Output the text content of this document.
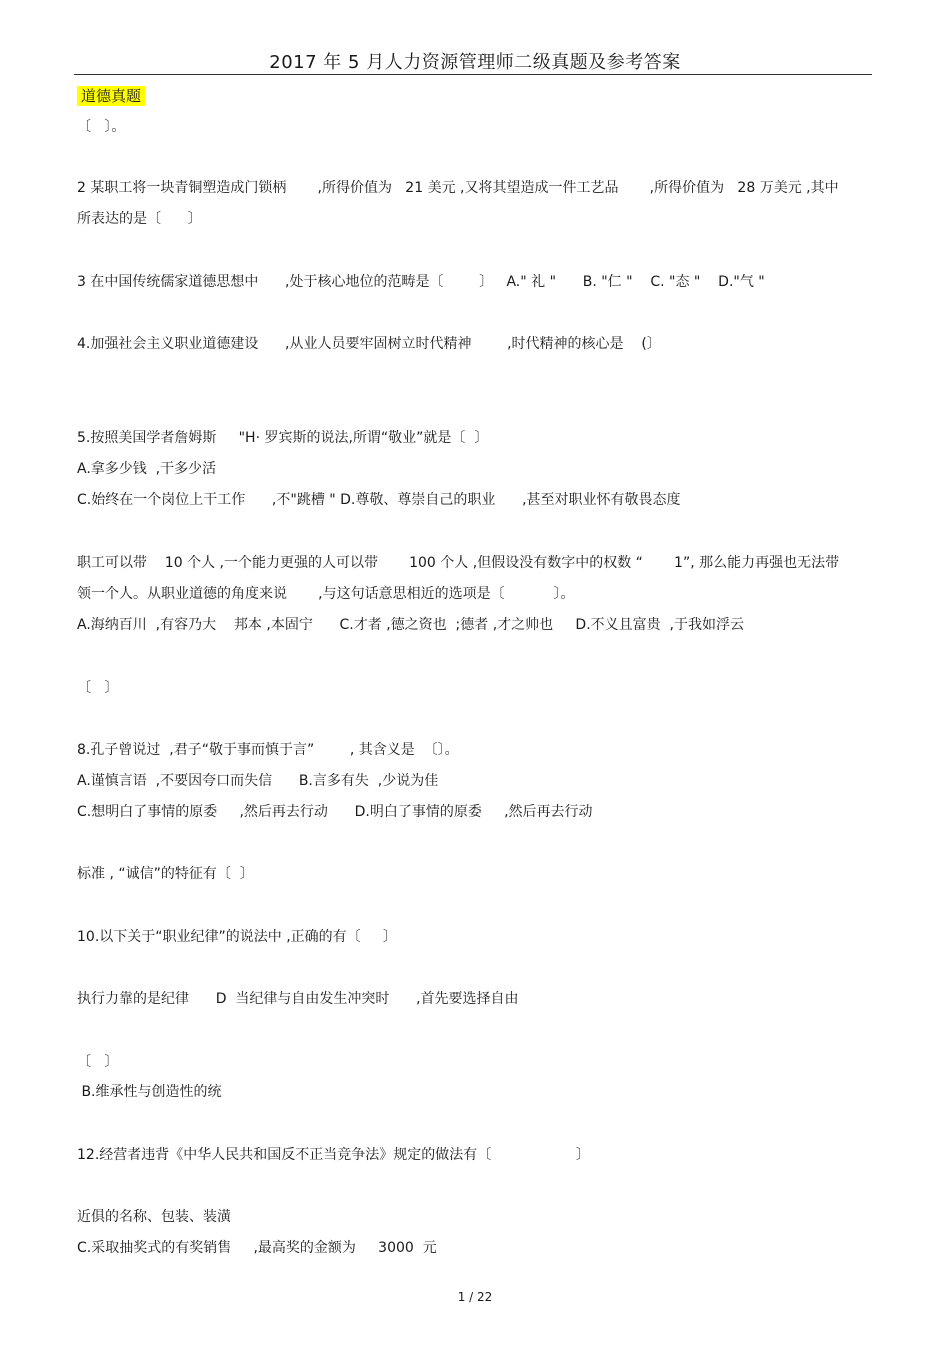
2017 年 5 月人力资源管理师二级真题及参考答案
道德真题
〔   〕。
2 某职工将一块青铜塑造成门锁柄       ,所得价值为   21 美元 ,又将其望造成一件工艺品       ,所得价值为   28 万美元 ,其中
所表达的是〔      〕
3 在中国传统儒家道德思想中      ,处于核心地位的范畴是〔        〕   A." 礼 "      B. "仁 "    C. "态 "    D."气 "
4.加强社会主义职业道德建设      ,从业人员要牢固树立时代精神        ,时代精神的核心是    (〕
5.按照美国学者詹姆斯     "H· 罗宾斯的说法,所谓“敬业”就是〔  〕
A.拿多少钱  ,干多少活
C.始终在一个岗位上干工作      ,不"跳槽 " D.尊敬、尊崇自己的职业      ,甚至对职业怀有敬畏态度
职工可以带    10 个人 ,一个能力更强的人可以带       100 个人 ,但假设没有数字中的权数 “       1”, 那么能力再强也无法带
领一个人。从职业道德的角度来说       ,与这句话意思相近的选项是〔           〕。
A.海纳百川  ,有容乃大    邦本 ,本固宁      C.才者 ,德之资也  ;德者 ,才之帅也     D.不义且富贵  ,于我如浮云
〔   〕
8.孔子曾说过  ,君子“敬于事而慎于言”        , 其含义是  〔〕。
A.谨慎言语  ,不要因夸口而失信      B.言多有失  ,少说为佳
C.想明白了事情的原委     ,然后再去行动      D.明白了事情的原委     ,然后再去行动
标准 , “诚信”的特征有〔  〕
10.以下关于“职业纪律”的说法中 ,正确的有〔     〕
执行力靠的是纪律      D  当纪律与自由发生冲突时      ,首先要选择自由
〔   〕
B.维承性与创造性的统
12.经营者违背《中华人民共和国反不正当竞争法》规定的做法有〔                   〕
近俱的名称、包装、装潢
C.采取抽奖式的有奖销售     ,最高奖的金额为     3000  元
1 / 22
